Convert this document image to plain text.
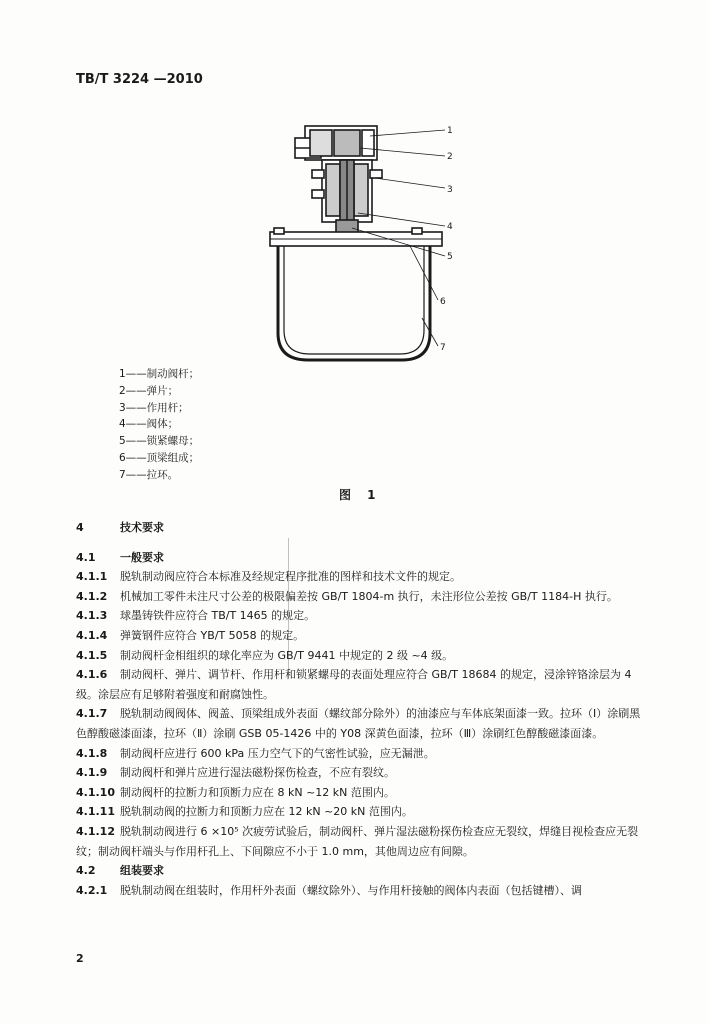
TB/T 3224 —2010
1
2
3
4
5
6
7
1——制动阀杆；
2——弹片；
3——作用杆；
4——阀体；
5——锁紧螺母；
6——顶梁组成；
7——拉环。
图 1

4	技术要求

4.1 一般要求

4.1.1 脱轨制动阀应符合本标准及经规定程序批准的图样和技术文件的规定。

4.1.2 机械加工零件未注尺寸公差的极限偏差按 GB/T 1804-m 执行，未注形位公差按 GB/T 1184-H 执行。

4.1.3 球墨铸铁件应符合 TB/T 1465 的规定。

4.1.4 弹簧钢件应符合 YB/T 5058 的规定。

4.1.5 制动阀杆金相组织的球化率应为 GB/T 9441 中规定的 2 级 ~4 级。

4.1.6 制动阀杆、弹片、调节杆、作用杆和锁紧螺母的表面处理应符合 GB/T 18684 的规定，浸涂锌铬涂层为 4 级。涂层应有足够附着强度和耐腐蚀性。

4.1.7 脱轨制动阀阀体、阀盖、顶梁组成外表面（螺纹部分除外）的油漆应与车体底架面漆一致。拉环（Ⅰ）涂刷黑色醇酸磁漆面漆，拉环（Ⅱ）涂刷 GSB 05-1426 中的 Y08 深黄色面漆，拉环（Ⅲ）涂刷红色醇酸磁漆面漆。

4.1.8 制动阀杆应进行 600 kPa 压力空气下的气密性试验，应无漏泄。

4.1.9 制动阀杆和弹片应进行湿法磁粉探伤检查，不应有裂纹。

4.1.10 制动阀杆的拉断力和顶断力应在 8 kN ~12 kN 范围内。

4.1.11 脱轨制动阀的拉断力和顶断力应在 12 kN ~20 kN 范围内。

4.1.12 脱轨制动阀进行 6 ×10⁵ 次疲劳试验后，制动阀杆、弹片湿法磁粉探伤检查应无裂纹，焊缝目视检查应无裂纹；制动阀杆端头与作用杆孔上、下间隙应不小于 1.0 mm，其他周边应有间隙。

4.2 组装要求

4.2.1 脱轨制动阀在组装时，作用杆外表面（螺纹除外）、与作用杆接触的阀体内表面（包括键槽）、调

2
